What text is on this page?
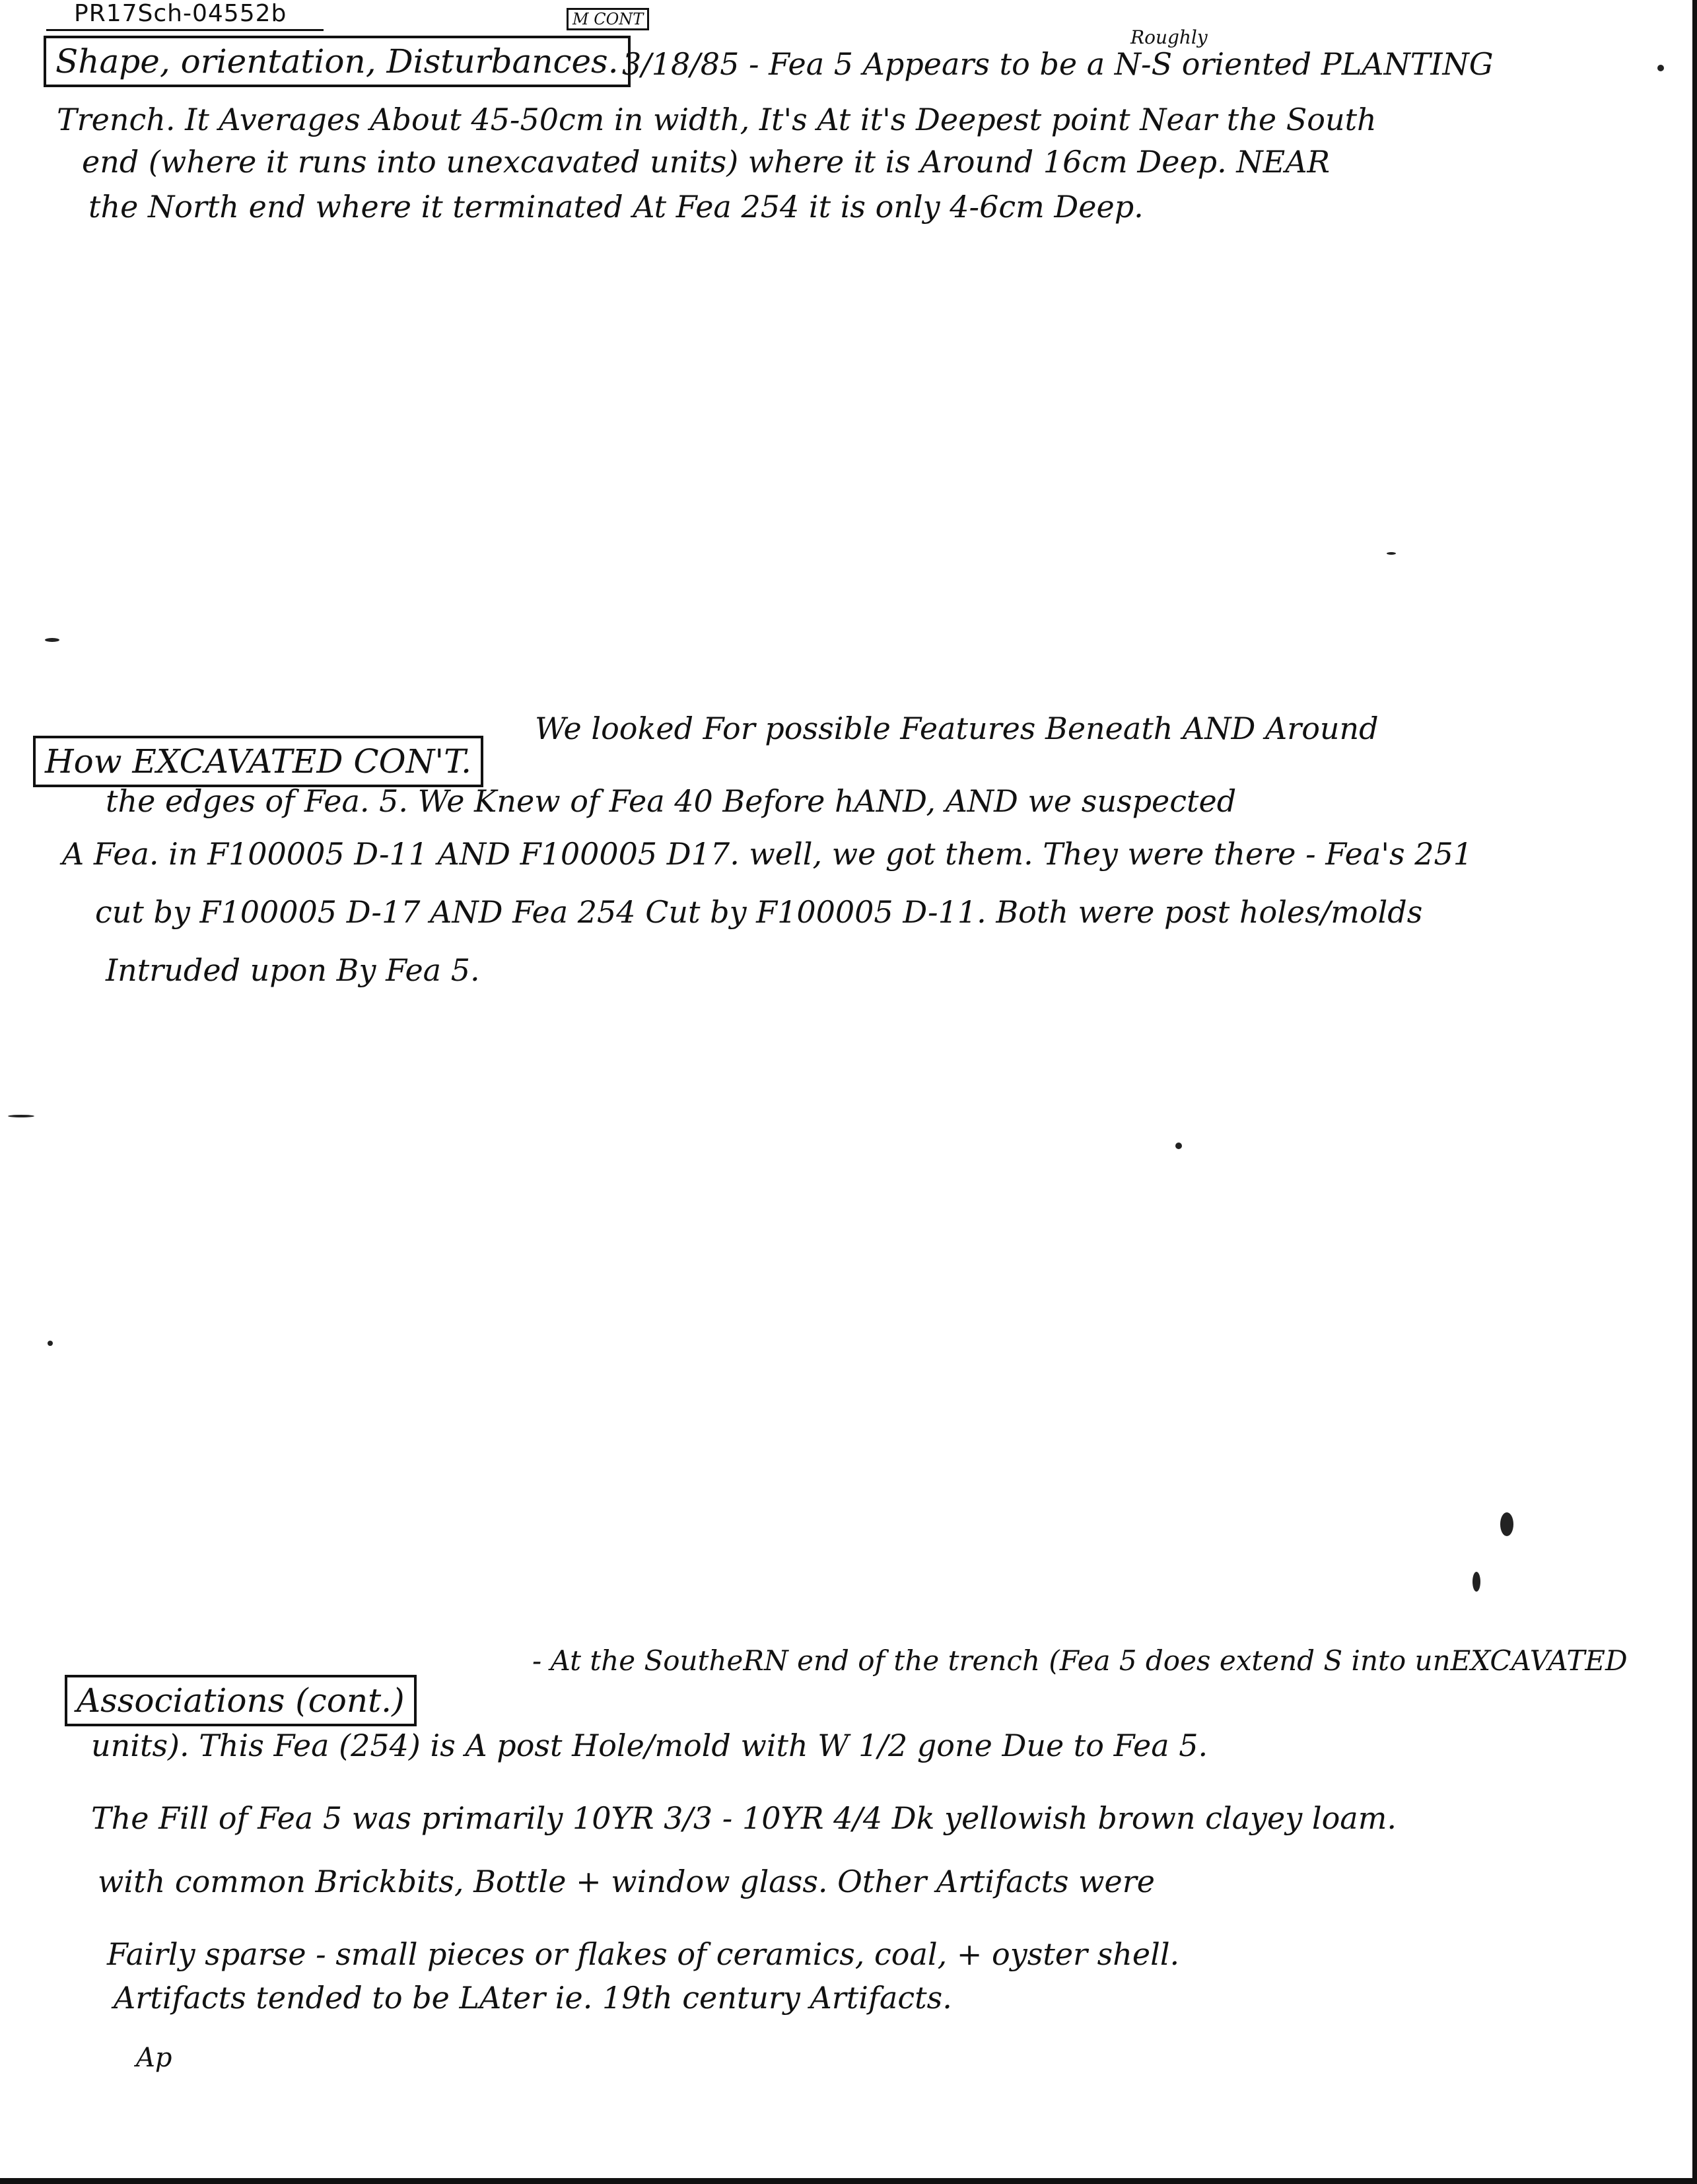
PR17Sch-04552b
Shape, orientation, Disturbances.
M CONT
Roughly
3/18/85 - Fea 5 Appears to be a N-S oriented PLANTING
Trench. It Averages About 45-50cm in width, It's At it's Deepest point Near the South
end (where it runs into unexcavated units) where it is Around 16cm Deep. NEAR
the North end where it terminated At Fea 254 it is only 4-6cm Deep.
How EXCAVATED CON'T.
We looked For possible Features Beneath AND Around
the edges of Fea. 5. We Knew of Fea 40 Before hAND, AND we suspected
A Fea. in F100005 D-11 AND F100005 D17. well, we got them. They were there - Fea's 251
cut by F100005 D-17 AND Fea 254 Cut by F100005 D-11. Both were post holes/molds
Intruded upon By Fea 5.
Associations (cont.)
- At the SoutheRN end of the trench (Fea 5 does extend S into unEXCAVATED
units). This Fea (254) is A post Hole/mold with W 1/2 gone Due to Fea 5.
The Fill of Fea 5 was primarily 10YR 3/3 - 10YR 4/4 Dk yellowish brown clayey loam.
with common Brickbits, Bottle + window glass. Other Artifacts were
Fairly sparse - small pieces or flakes of ceramics, coal, + oyster shell.
Artifacts tended to be LAter ie. 19th century Artifacts.
Ap
